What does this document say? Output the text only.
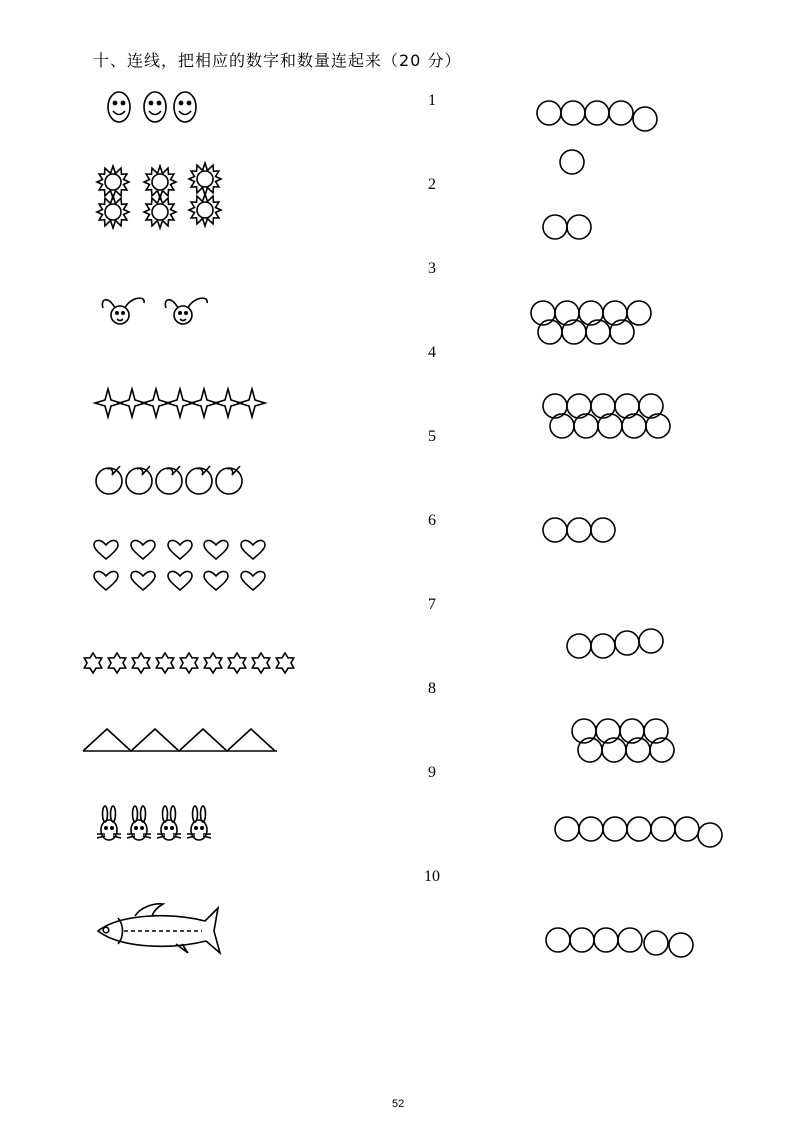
十、连线，把相应的数字和数量连起来（20 分）
1
2
3
4
5
6
7
8
9
10
52
